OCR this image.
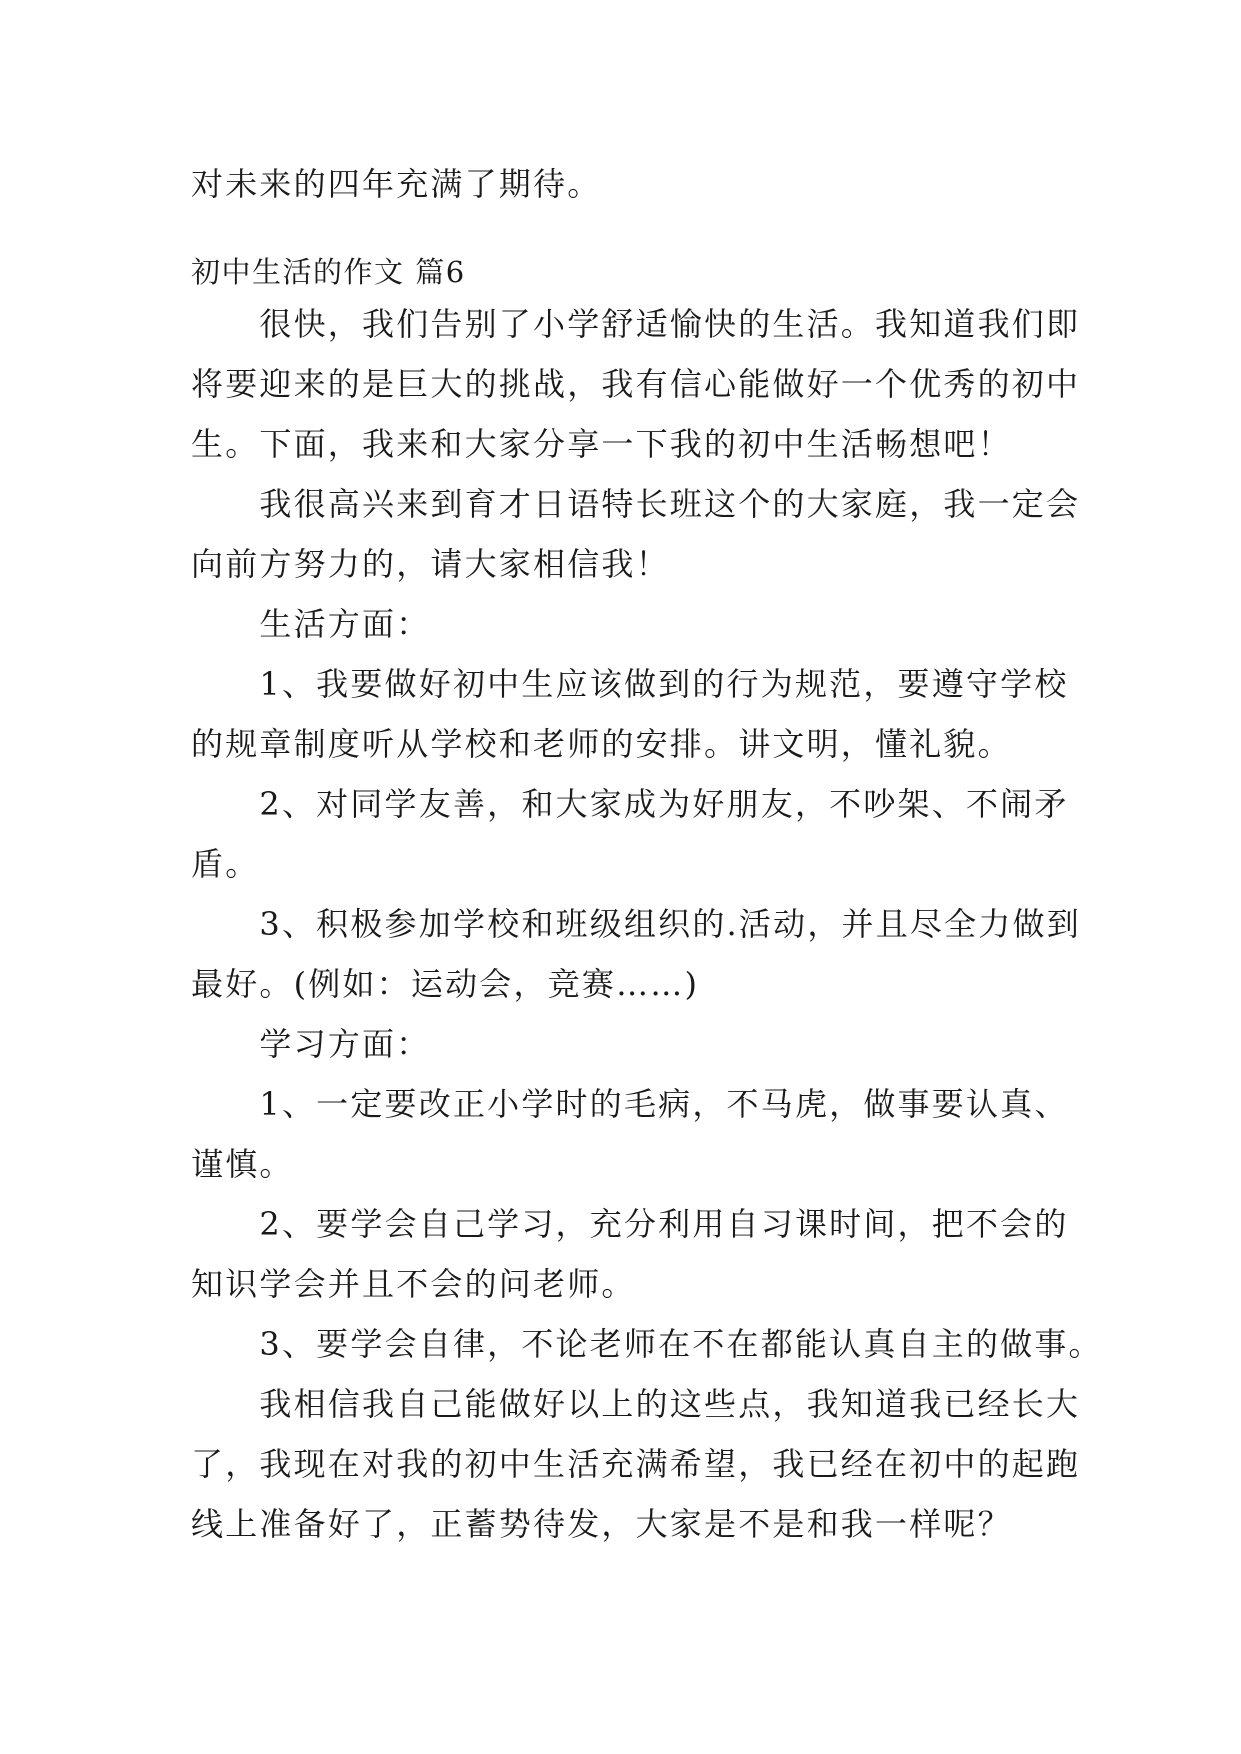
对未来的四年充满了期待。
初中生活的作文 篇6
　　很快，我们告别了小学舒适愉快的生活。我知道我们即
将要迎来的是巨大的挑战，我有信心能做好一个优秀的初中
生。下面，我来和大家分享一下我的初中生活畅想吧！
　　我很高兴来到育才日语特长班这个的大家庭，我一定会
向前方努力的，请大家相信我！
　　生活方面：
　　1、我要做好初中生应该做到的行为规范，要遵守学校
的规章制度听从学校和老师的安排。讲文明，懂礼貌。
　　2、对同学友善，和大家成为好朋友，不吵架、不闹矛
盾。
　　3、积极参加学校和班级组织的.活动，并且尽全力做到
最好。(例如：运动会，竞赛……)
　　学习方面：
　　1、一定要改正小学时的毛病，不马虎，做事要认真、
谨慎。
　　2、要学会自己学习，充分利用自习课时间，把不会的
知识学会并且不会的问老师。
　　3、要学会自律，不论老师在不在都能认真自主的做事。
　　我相信我自己能做好以上的这些点，我知道我已经长大
了，我现在对我的初中生活充满希望，我已经在初中的起跑
线上准备好了，正蓄势待发，大家是不是和我一样呢？
